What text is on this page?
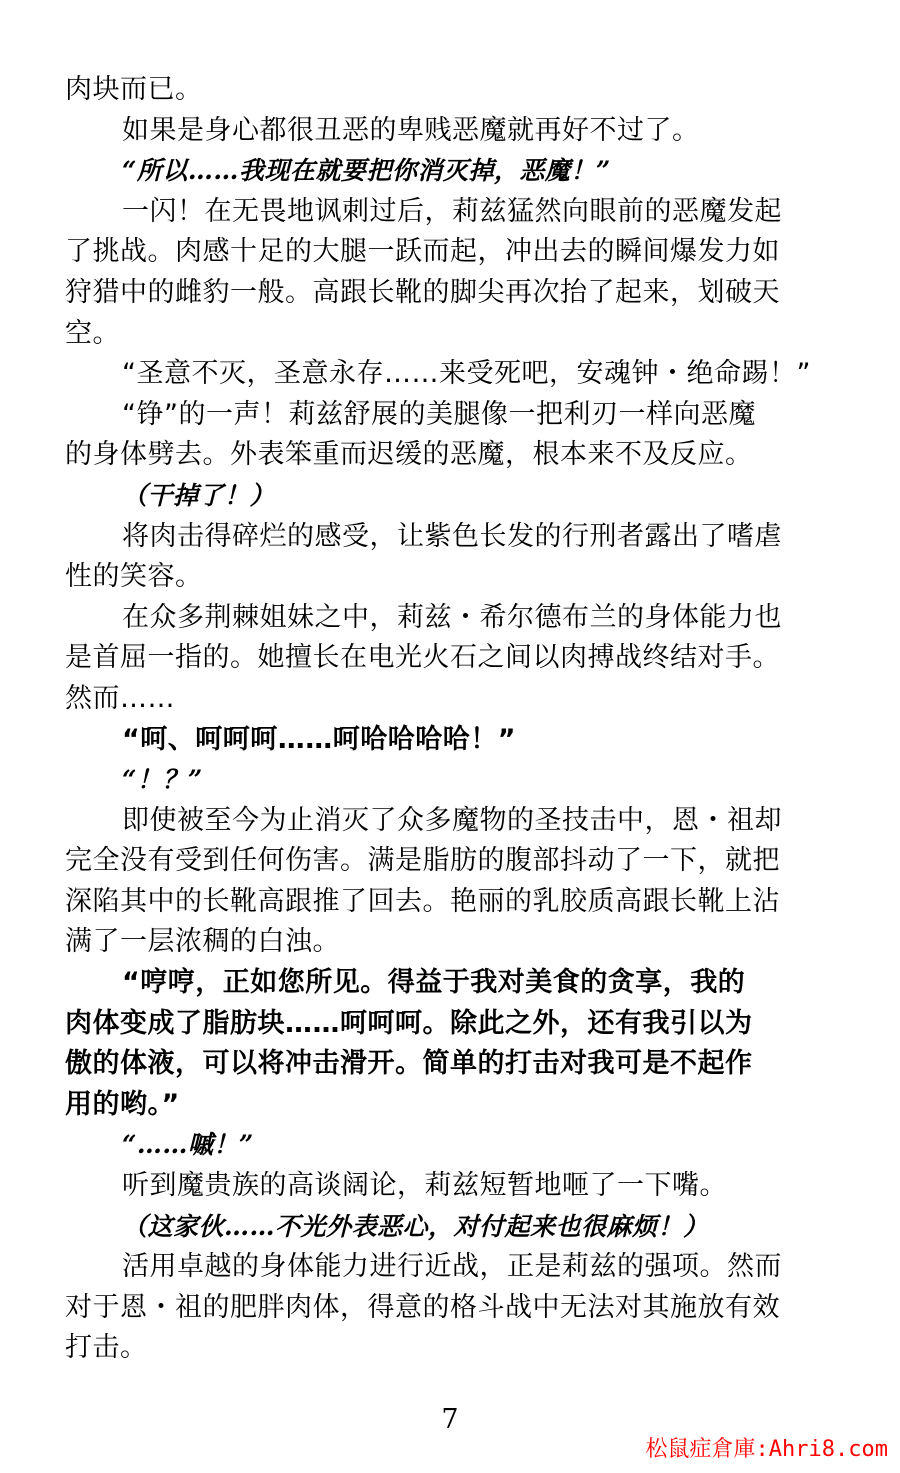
肉块而已。
如果是身心都很丑恶的卑贱恶魔就再好不过了。
“所以……我现在就要把你消灭掉，恶魔！”
一闪！在无畏地讽刺过后，莉兹猛然向眼前的恶魔发起
了挑战。肉感十足的大腿一跃而起，冲出去的瞬间爆发力如
狩猎中的雌豹一般。高跟长靴的脚尖再次抬了起来，划破天
空。
“圣意不灭，圣意永存……来受死吧，安魂钟・绝命踢！”
“铮”的一声！莉兹舒展的美腿像一把利刃一样向恶魔
的身体劈去。外表笨重而迟缓的恶魔，根本来不及反应。
（干掉了！）
将肉击得碎烂的感受，让紫色长发的行刑者露出了嗜虐
性的笑容。
在众多荆棘姐妹之中，莉兹・希尔德布兰的身体能力也
是首屈一指的。她擅长在电光火石之间以肉搏战终结对手。
然而……
“呵、呵呵呵……呵哈哈哈哈！”
“！？”
即使被至今为止消灭了众多魔物的圣技击中，恩・祖却
完全没有受到任何伤害。满是脂肪的腹部抖动了一下，就把
深陷其中的长靴高跟推了回去。艳丽的乳胶质高跟长靴上沾
满了一层浓稠的白浊。
“哼哼，正如您所见。得益于我对美食的贪享，我的
肉体变成了脂肪块……呵呵呵。除此之外，还有我引以为
傲的体液，可以将冲击滑开。简单的打击对我可是不起作
用的哟。”
“……嘁！”
听到魔贵族的高谈阔论，莉兹短暂地咂了一下嘴。
（这家伙……不光外表恶心，对付起来也很麻烦！）
活用卓越的身体能力进行近战，正是莉兹的强项。然而
对于恩・祖的肥胖肉体，得意的格斗战中无法对其施放有效
打击。
7
松鼠症倉庫:Ahri8.com
